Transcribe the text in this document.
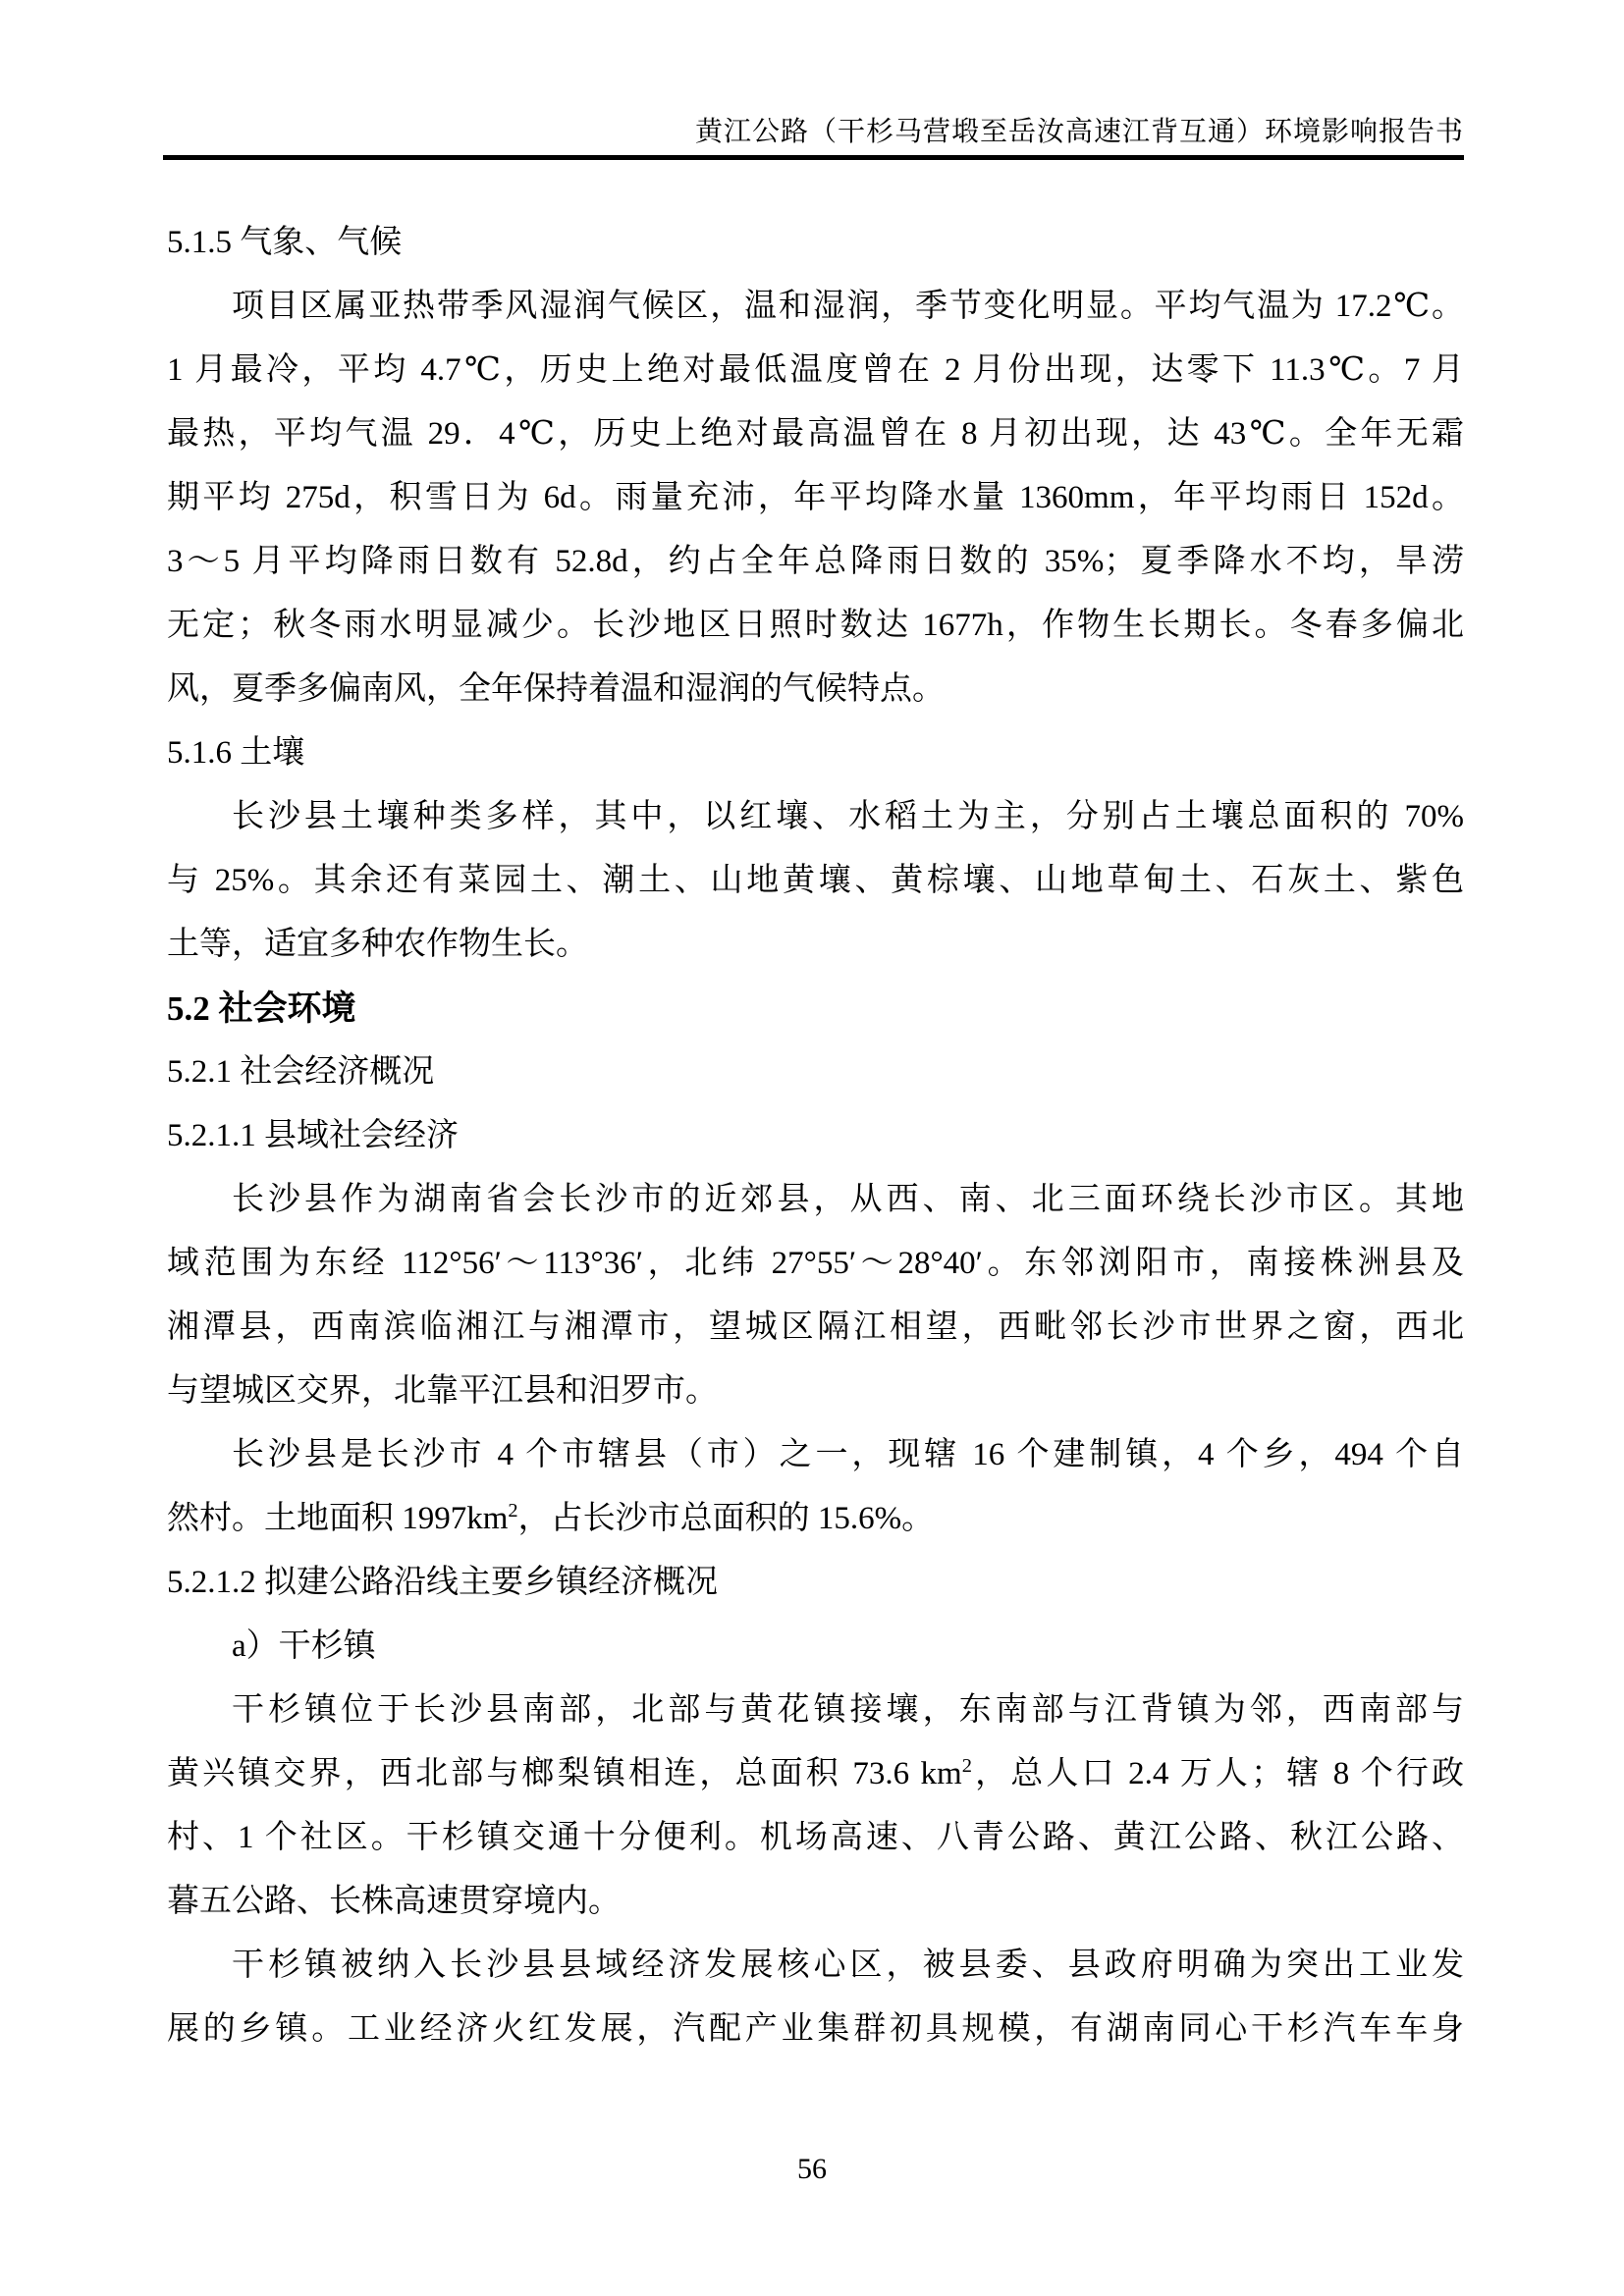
黄江公路（干杉马营塅至岳汝高速江背互通）环境影响报告书
5.1.5 气象、气候
项目区属亚热带季风湿润气候区，温和湿润，季节变化明显。平均气温为 17.2℃。
1 月最冷，平均 4.7℃，历史上绝对最低温度曾在 2 月份出现，达零下 11.3℃。7 月
最热，平均气温 29．4℃，历史上绝对最高温曾在 8 月初出现，达 43℃。全年无霜
期平均 275d，积雪日为 6d。雨量充沛，年平均降水量 1360mm，年平均雨日 152d。
3～5 月平均降雨日数有 52.8d，约占全年总降雨日数的 35%；夏季降水不均，旱涝
无定；秋冬雨水明显减少。长沙地区日照时数达 1677h，作物生长期长。冬春多偏北
风，夏季多偏南风，全年保持着温和湿润的气候特点。
5.1.6 土壤
长沙县土壤种类多样，其中，以红壤、水稻土为主，分别占土壤总面积的 70%
与 25%。其余还有菜园土、潮土、山地黄壤、黄棕壤、山地草甸土、石灰土、紫色
土等，适宜多种农作物生长。
5.2 社会环境
5.2.1 社会经济概况
5.2.1.1 县域社会经济
长沙县作为湖南省会长沙市的近郊县，从西、南、北三面环绕长沙市区。其地
域范围为东经 112°56′～113°36′，北纬 27°55′～28°40′。东邻浏阳市，南接株洲县及
湘潭县，西南滨临湘江与湘潭市，望城区隔江相望，西毗邻长沙市世界之窗，西北
与望城区交界，北靠平江县和汨罗市。
长沙县是长沙市 4 个市辖县（市）之一，现辖 16 个建制镇，4 个乡，494 个自
然村。土地面积 $1997km^2$，占长沙市总面积的 15.6%。
5.2.1.2 拟建公路沿线主要乡镇经济概况
a）干杉镇
干杉镇位于长沙县南部，北部与黄花镇接壤，东南部与江背镇为邻，西南部与
黄兴镇交界，西北部与榔梨镇相连，总面积 73.6 $km^2$，总人口 2.4 万人；辖 8 个行政
村、1 个社区。干杉镇交通十分便利。机场高速、八青公路、黄江公路、秋江公路、
暮五公路、长株高速贯穿境内。
干杉镇被纳入长沙县县域经济发展核心区，被县委、县政府明确为突出工业发
展的乡镇。工业经济火红发展，汽配产业集群初具规模，有湖南同心干杉汽车车身
56
